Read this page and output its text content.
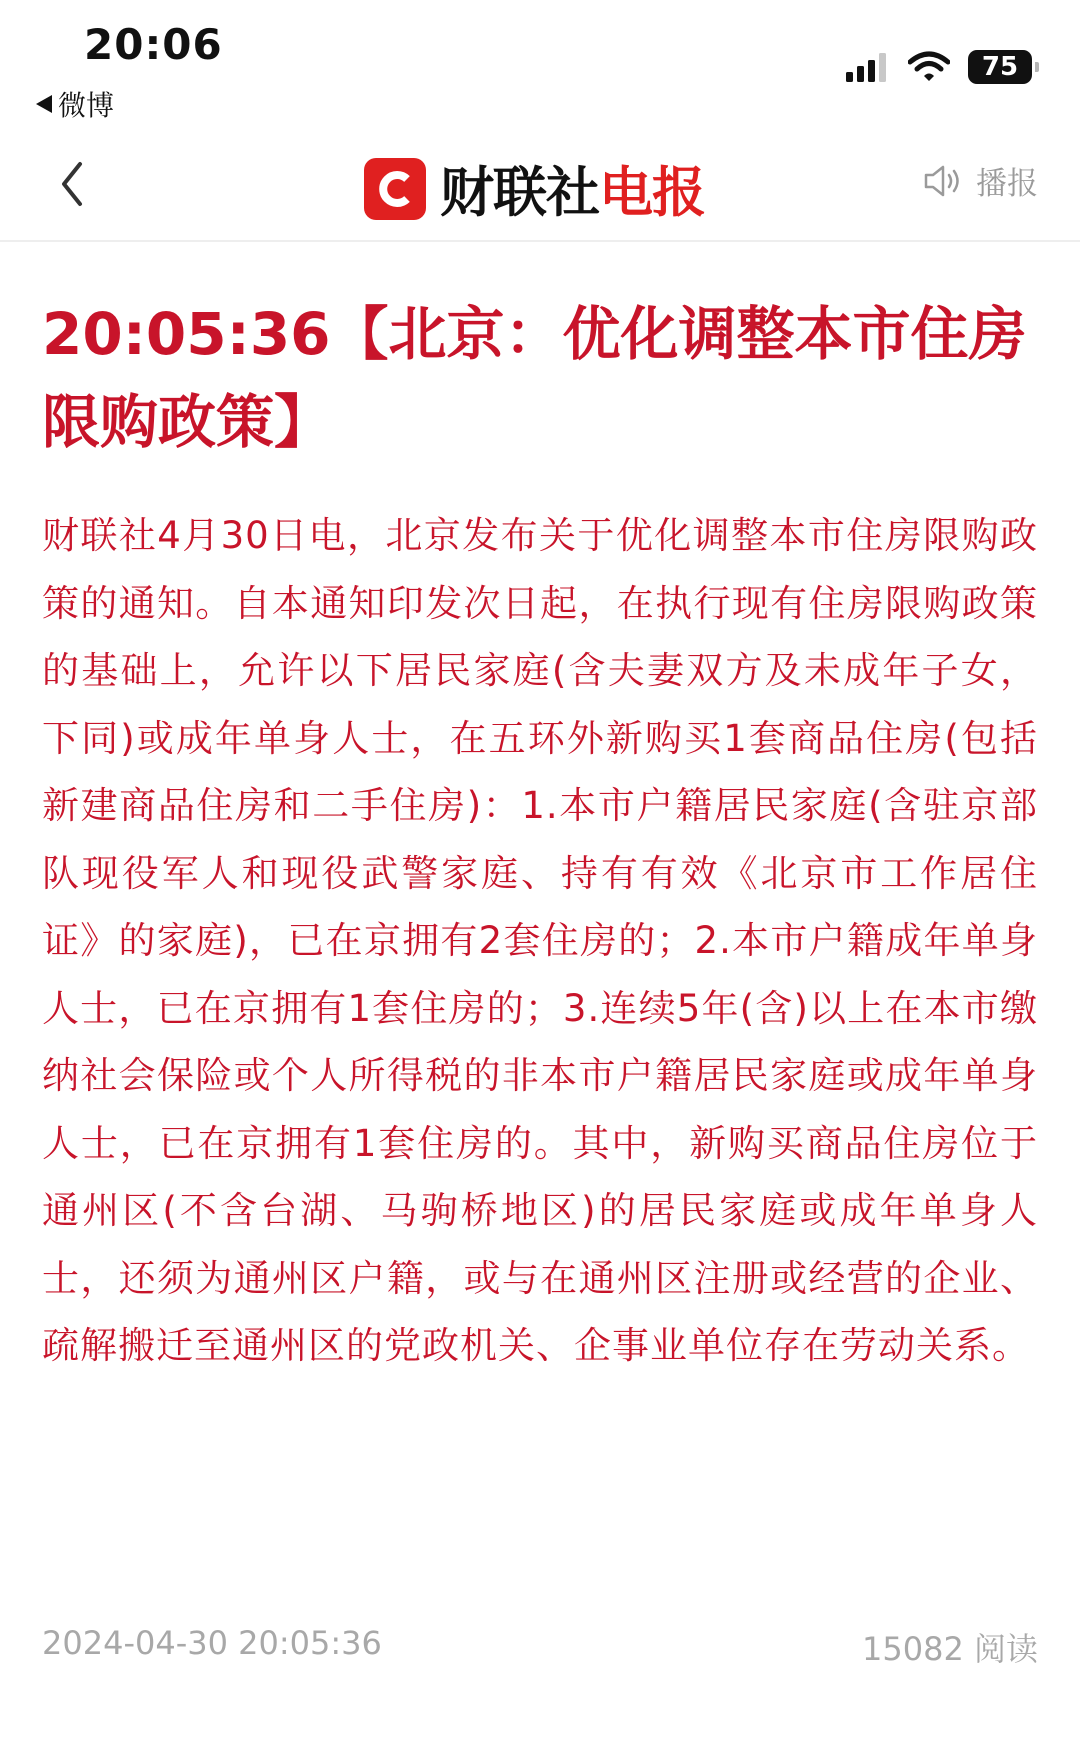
20:06
微博
75
财联社电报	播报
20:05:36【北京：优化调整本市住房限购政策】

财联社4月30日电，北京发布关于优化调整本市住房限购政策的通知。自本通知印发次日起，在执行现有住房限购政策的基础上，允许以下居民家庭(含夫妻双方及未成年子女，下同)或成年单身人士，在五环外新购买1套商品住房(包括新建商品住房和二手住房)：1.本市户籍居民家庭(含驻京部队现役军人和现役武警家庭、持有有效《北京市工作居住证》的家庭)，已在京拥有2套住房的；2.本市户籍成年单身人士，已在京拥有1套住房的；3.连续5年(含)以上在本市缴纳社会保险或个人所得税的非本市户籍居民家庭或成年单身人士，已在京拥有1套住房的。其中，新购买商品住房位于通州区(不含台湖、马驹桥地区)的居民家庭或成年单身人士，还须为通州区户籍，或与在通州区注册或经营的企业、疏解搬迁至通州区的党政机关、企事业单位存在劳动关系。

2024-04-30 20:05:36	15082 阅读
